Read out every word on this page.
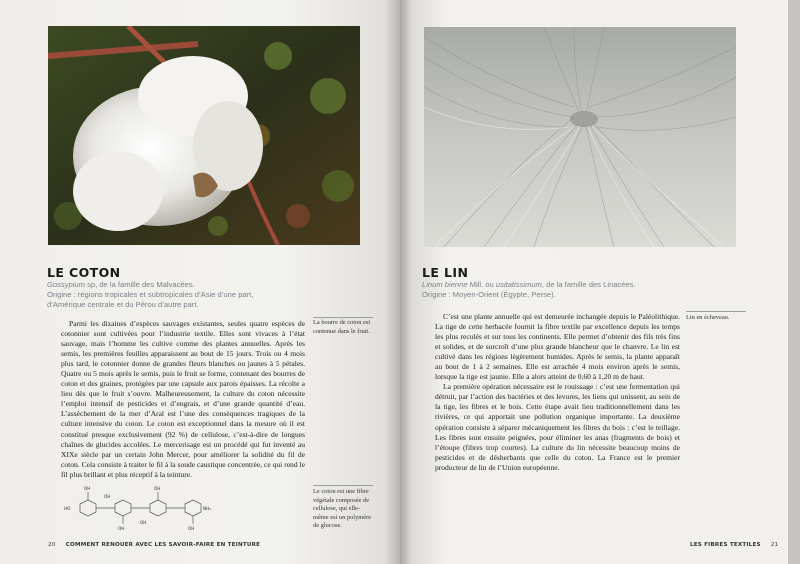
LE COTON
Gossypium sp, de la famille des Malvacées.
Origine : régions tropicales et subtropicales d’Asie d’une part,
d’Amérique centrale et du Pérou d’autre part.

Parmi les dizaines d’espèces sauvages existantes, seules quatre espèces de cotonnier sont cultivées pour l’industrie textile. Elles sont vivaces à l’état sauvage, mais l’homme les cultive comme des plantes annuelles. Après les semis, les premières feuilles apparaissent au bout de 15 jours. Trois ou 4 mois plus tard, le cotonnier donne de grandes fleurs blanches ou jaunes à 5 pétales. Quatre ou 5 mois après le semis, puis le fruit se forme, contenant des bourres de coton et des graines, protégées par une capsule aux parois épaisses. La récolte a lieu dès que le fruit s’ouvre. Malheureusement, la culture du coton nécessite l’emploi intensif de pesticides et d’engrais, et d’une grande quantité d’eau. L’assèchement de la mer d’Aral est l’une des conséquences tragiques de la culture intensive du coton. Le coton est exceptionnel dans la mesure où il est constitué presque exclusivement (92 %) de cellulose, c’est-à-dire de longues chaînes de glucides accolées. Le mercerisage est un procédé qui fut inventé au XIXe siècle par un certain John Mercer, pour améliorer la solidité du fil de coton. Cela consiste à traiter le fil à la soude caustique concentrée, ce qui rend le fil plus brillant et plus réceptif à la teinture.

La bourre de coton est contenue dans le fruit.
Le coton est une fibre végétale composée de cellulose, qui elle-même est un polymère de glucose.
OH
HO
OH
OH
OH
OH
OH
NH₂
20 COMMENT RENOUER AVEC LES SAVOIR-FAIRE EN TEINTURE
LE LIN
Linum bienne Mill. ou usitatissimum, de la famille des Linacées.
Origine : Moyen-Orient (Égypte, Perse).

C’est une plante annuelle qui est demeurée inchangée depuis le Paléolithique. La tige de cette herbacée fournit la fibre textile par excellence depuis les temps les plus reculés et sur tous les continents. Elle permet d’obtenir des fils très fins et solides, et de surcroît d’une plus grande blancheur que le chanvre. Le lin est cultivé dans les régions légèrement humides. Après le semis, la plante apparaît au bout de 1 à 2 semaines. Elle est arrachée 4 mois environ après le semis, lorsque la tige est jaunie. Elle a alors atteint de 0,60 à 1,20 m de haut.

La première opération nécessaire est le rouissage : c’est une fermentation qui détruit, par l’action des bactéries et des levures, les liens qui unissent, au sein de la tige, les fibres et le bois. Cette étape avait lieu traditionnellement dans les rivières, ce qui apportait une pollution organique importante. La deuxième opération consiste à séparer mécaniquement les fibres du bois : c’est le teillage. Les fibres sont ensuite peignées, pour éliminer les anas (fragments de bois) et l’étoupe (fibres trop courtes). La culture du lin nécessite beaucoup moins de pesticides et de désherbants que celle du coton. La France est le premier producteur de lin de l’Union européenne.

Lin en écheveau.
LES FIBRES TEXTILES 21
